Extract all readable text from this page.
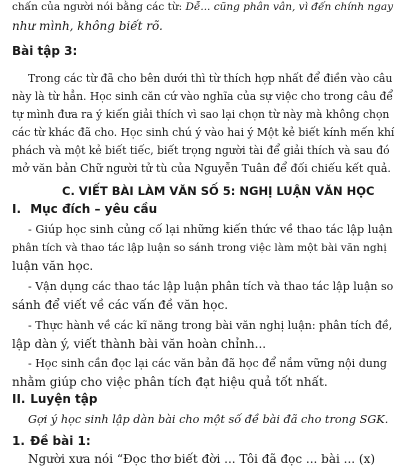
chấn của người nói bằng các từ: Dễ... cũng phân vân, vì đến chính ngay
như mình, không biết rõ.
Bài tập 3:
Trong các từ đã cho bên dưới thì từ thích hợp nhất để điền vào câu
này là từ hẳn. Học sinh căn cứ vào nghĩa của sự việc cho trong câu để
tự mình đưa ra ý kiến giải thích vì sao lại chọn từ này mà không chọn
các từ khác đã cho. Học sinh chú ý vào hai ý Một kẻ biết kính mến khí
phách và một kẻ biết tiếc, biết trọng người tài để giải thích và sau đó
mở văn bản Chữ người tử tù của Nguyễn Tuân để đối chiếu kết quả.
C. VIẾT BÀI LÀM VĂN SỐ 5: NGHỊ LUẬN VĂN HỌC
I. Mục đích – yêu cầu
- Giúp học sinh củng cố lại những kiến thức về thao tác lập luận
phân tích và thao tác lập luận so sánh trong việc làm một bài văn nghị
luận văn học.
- Vận dụng các thao tác lập luận phân tích và thao tác lập luận so
sánh để viết về các vấn đề văn học.
- Thực hành về các kĩ năng trong bài văn nghị luận: phân tích đề,
lập dàn ý, viết thành bài văn hoàn chỉnh...
- Học sinh cần đọc lại các văn bản đã học để nắm vững nội dung
nhằm giúp cho việc phân tích đạt hiệu quả tốt nhất.
II. Luyện tập
Gợi ý học sinh lập dàn bài cho một số đề bài đã cho trong SGK.
1. Đề bài 1:
Người xưa nói “Đọc thơ biết đời ... Tôi đã đọc ... bài ... (x)
